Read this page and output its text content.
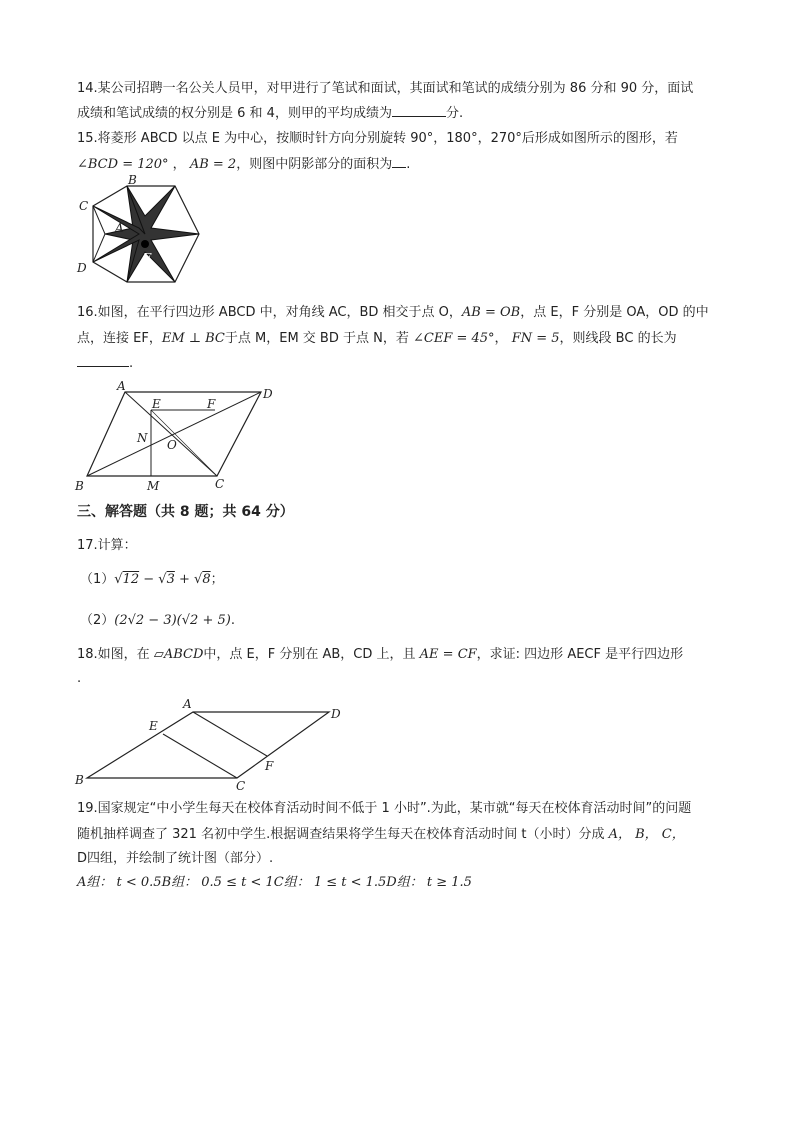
14.某公司招聘一名公关人员甲，对甲进行了笔试和面试，其面试和笔试的成绩分别为 86 分和 90 分，面试
成绩和笔试成绩的权分别是 6 和 4，则甲的平均成绩为	分.
15.将菱形 ABCD 以点 E 为中心，按顺时针方向分别旋转 90°，180°，270°后形成如图所示的图形，若
∠BCD = 120° ， AB = 2，则图中阴影部分的面积为 .
B
C
A
D
E
16.如图，在平行四边形 ABCD 中，对角线 AC，BD 相交于点 O，AB = OB，点 E，F 分别是 OA，OD 的中
点，连接 EF，EM ⊥ BC于点 M，EM 交 BD 于点 N，若 ∠CEF = 45°， FN = 5，则线段 BC 的长为
.
A
D
E	F
N O
B	M	C
三、解答题（共 8 题；共 64 分）
17.计算：
（1）√12 − √3 + √8；
（2）(2√2 − 3)(√2 + 5).
18.如图，在 ▱ABCD中，点 E，F 分别在 AB，CD 上，且 AE = CF，求证: 四边形 AECF 是平行四边形
.
A
D
E
B	C
F
19.国家规定“中小学生每天在校体育活动时间不低于 1 小时”.为此，某市就“每天在校体育活动时间”的问题
随机抽样调查了 321 名初中学生.根据调查结果将学生每天在校体育活动时间 t（小时）分成 A， B， C，
D四组，并绘制了统计图（部分）.
A组： t < 0.5B组： 0.5 ≤ t < 1C组： 1 ≤ t < 1.5D组： t ≥ 1.5
